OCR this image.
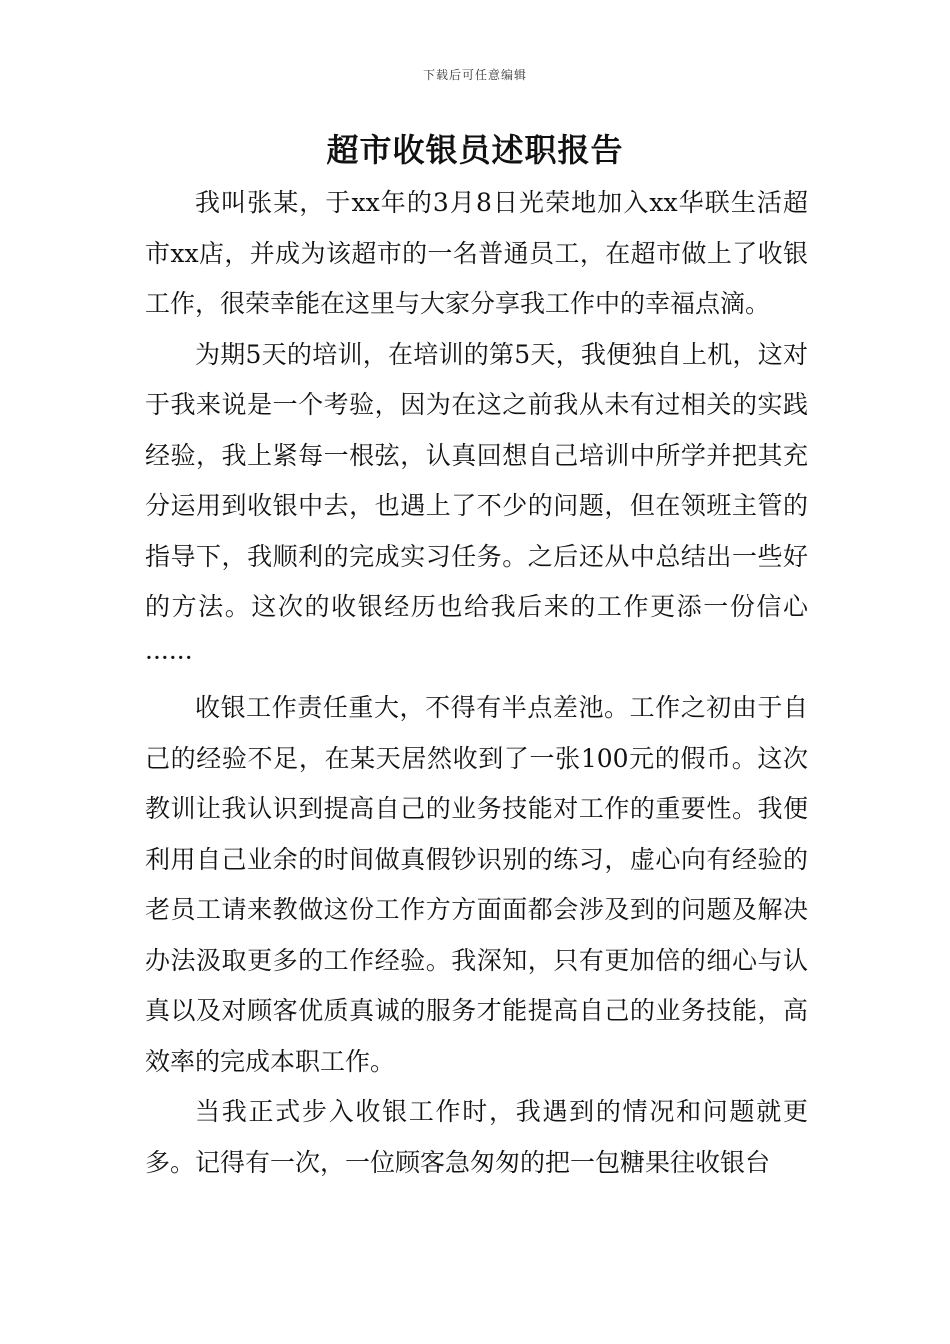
下载后可任意编辑
超市收银员述职报告

我叫张某，于xx年的3月8日光荣地加入xx华联生活超市xx店，并成为该超市的一名普通员工，在超市做上了收银工作，很荣幸能在这里与大家分享我工作中的幸福点滴。

为期5天的培训，在培训的第5天，我便独自上机，这对于我来说是一个考验，因为在这之前我从未有过相关的实践经验，我上紧每一根弦，认真回想自己培训中所学并把其充分运用到收银中去，也遇上了不少的问题，但在领班主管的指导下，我顺利的完成实习任务。之后还从中总结出一些好的方法。这次的收银经历也给我后来的工作更添一份信心······

收银工作责任重大，不得有半点差池。工作之初由于自己的经验不足，在某天居然收到了一张100元的假币。这次教训让我认识到提高自己的业务技能对工作的重要性。我便利用自己业余的时间做真假钞识别的练习，虚心向有经验的老员工请来教做这份工作方方面面都会涉及到的问题及解决办法汲取更多的工作经验。我深知，只有更加倍的细心与认真以及对顾客优质真诚的服务才能提高自己的业务技能，高效率的完成本职工作。

当我正式步入收银工作时，我遇到的情况和问题就更多。记得有一次，一位顾客急匆匆的把一包糖果往收银台
